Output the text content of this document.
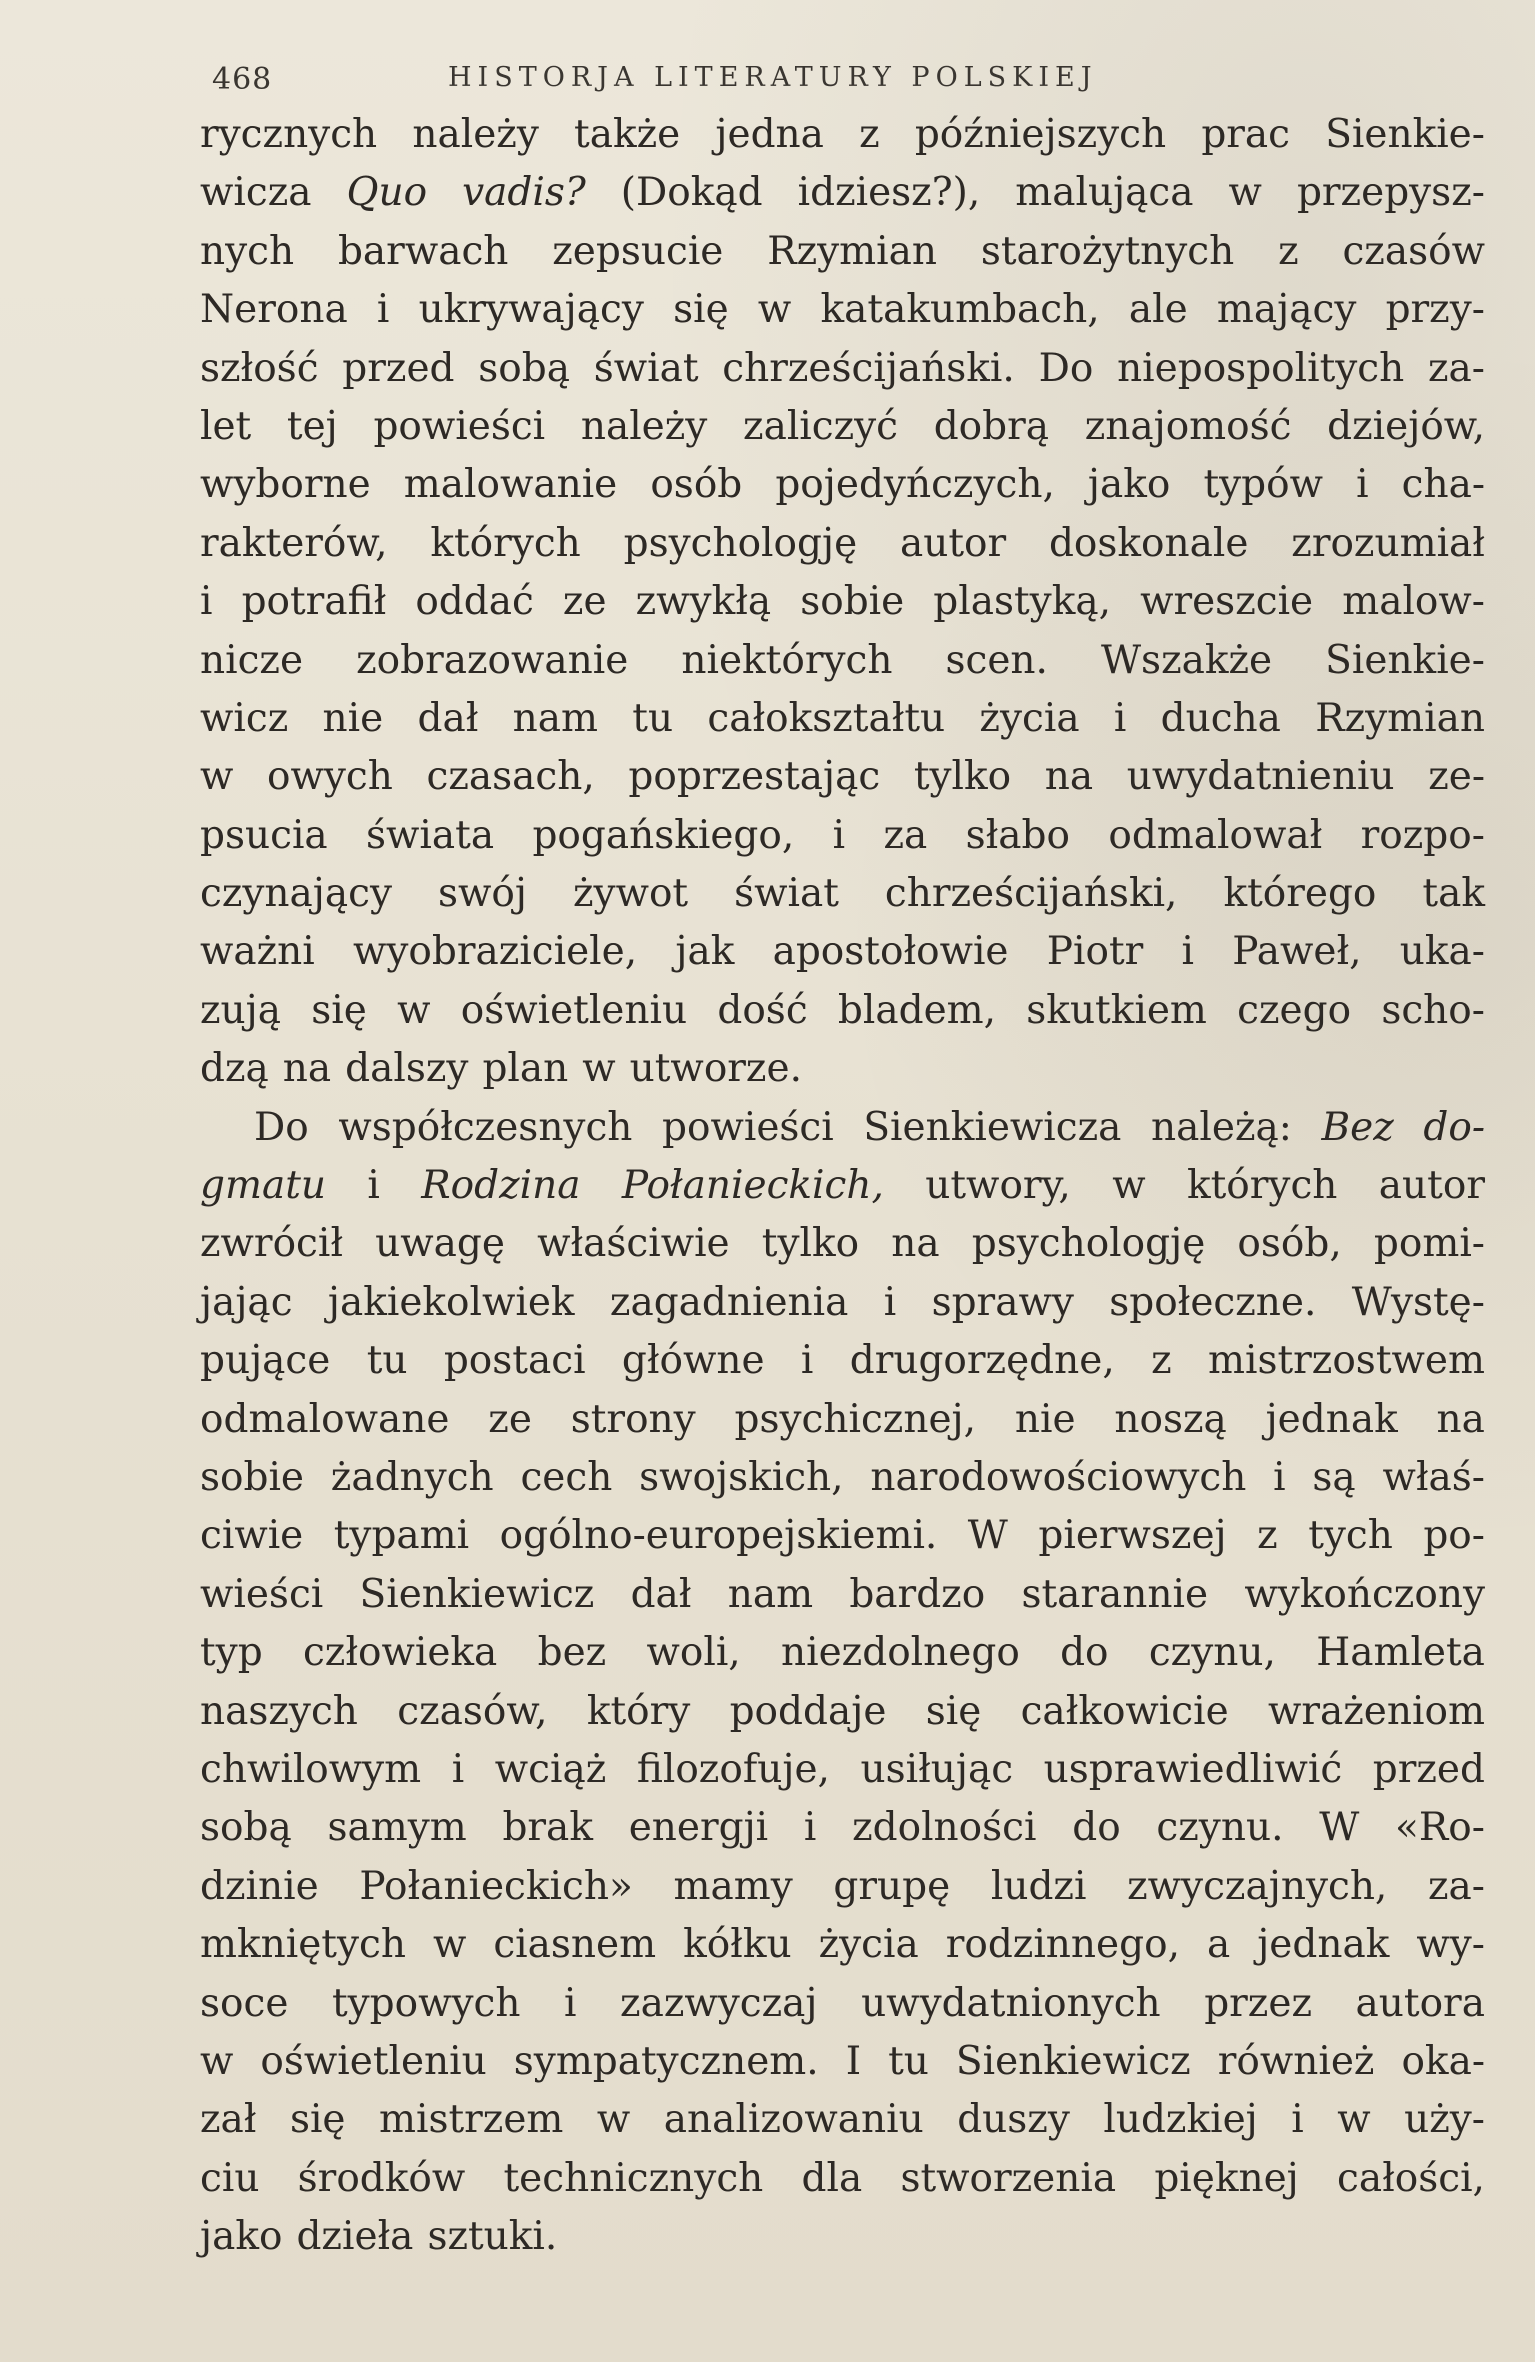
468	HISTORJA LITERATURY POLSKIEJ
rycznych należy także jedna z późniejszych prac Sienkie-
wicza Quo vadis? (Dokąd idziesz?), malująca w przepysz-
nych barwach zepsucie Rzymian starożytnych z czasów
Nerona i ukrywający się w katakumbach, ale mający przy-
szłość przed sobą świat chrześcijański. Do niepospolitych za-
let tej powieści należy zaliczyć dobrą znajomość dziejów,
wyborne malowanie osób pojedyńczych, jako typów i cha-
rakterów, których psychologję autor doskonale zrozumiał
i potrafił oddać ze zwykłą sobie plastyką, wreszcie malow-
nicze zobrazowanie niektórych scen. Wszakże Sienkie-
wicz nie dał nam tu całokształtu życia i ducha Rzymian
w owych czasach, poprzestając tylko na uwydatnieniu ze-
psucia świata pogańskiego, i za słabo odmalował rozpo-
czynający swój żywot świat chrześcijański, którego tak
ważni wyobraziciele, jak apostołowie Piotr i Paweł, uka-
zują się w oświetleniu dość bladem, skutkiem czego scho-
dzą na dalszy plan w utworze.
Do współczesnych powieści Sienkiewicza należą: Bez do-
gmatu i Rodzina Połanieckich, utwory, w których autor
zwrócił uwagę właściwie tylko na psychologję osób, pomi-
jając jakiekolwiek zagadnienia i sprawy społeczne. Wystę-
pujące tu postaci główne i drugorzędne, z mistrzostwem
odmalowane ze strony psychicznej, nie noszą jednak na
sobie żadnych cech swojskich, narodowościowych i są właś-
ciwie typami ogólno-europejskiemi. W pierwszej z tych po-
wieści Sienkiewicz dał nam bardzo starannie wykończony
typ człowieka bez woli, niezdolnego do czynu, Hamleta
naszych czasów, który poddaje się całkowicie wrażeniom
chwilowym i wciąż filozofuje, usiłując usprawiedliwić przed
sobą samym brak energji i zdolności do czynu. W «Ro-
dzinie Połanieckich» mamy grupę ludzi zwyczajnych, za-
mkniętych w ciasnem kółku życia rodzinnego, a jednak wy-
soce typowych i zazwyczaj uwydatnionych przez autora
w oświetleniu sympatycznem. I tu Sienkiewicz również oka-
zał się mistrzem w analizowaniu duszy ludzkiej i w uży-
ciu środków technicznych dla stworzenia pięknej całości,
jako dzieła sztuki.
